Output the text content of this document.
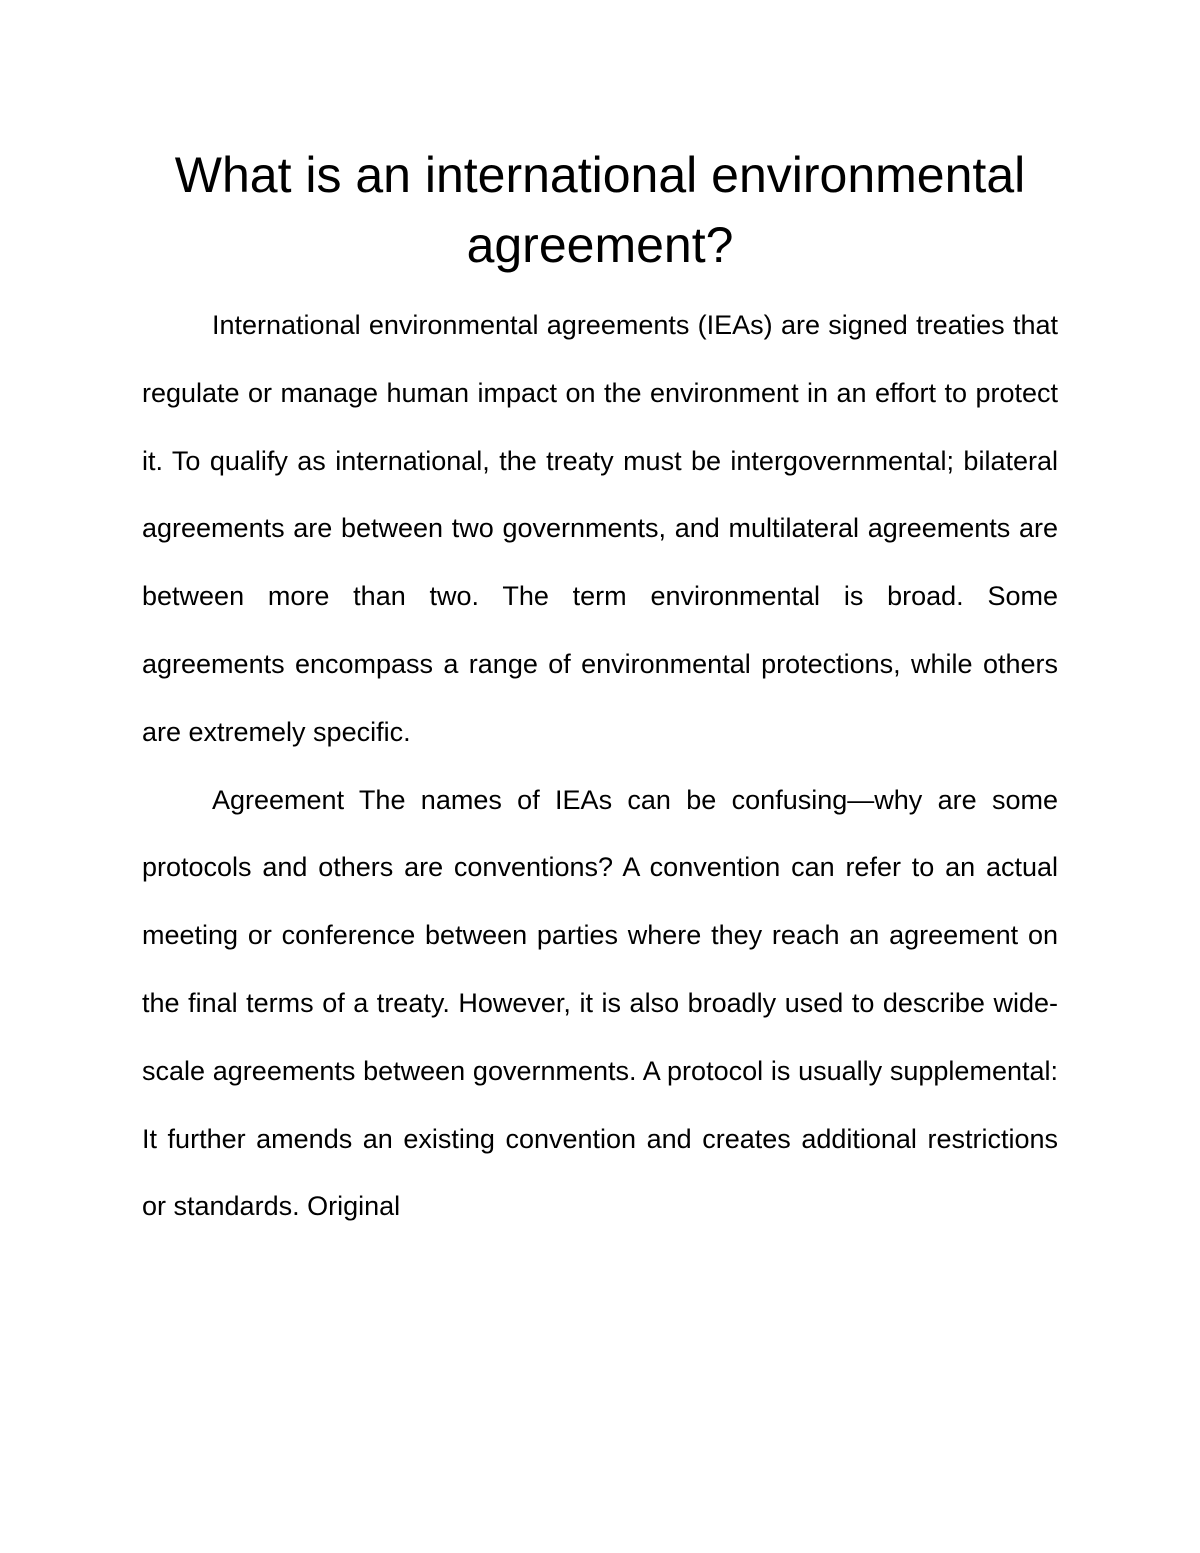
What is an international environmental agreement?

International environmental agreements (IEAs) are signed treaties that regulate or manage human impact on the environment in an effort to protect it. To qualify as international, the treaty must be intergovernmental; bilateral agreements are between two governments, and multilateral agreements are between more than two. The term environmental is broad. Some agreements encompass a range of environmental protections, while others are extremely specific.

Agreement The names of IEAs can be confusing—why are some protocols and others are conventions? A convention can refer to an actual meeting or conference between parties where they reach an agreement on the final terms of a treaty. However, it is also broadly used to describe wide-scale agreements between governments. A protocol is usually supplemental: It further amends an existing convention and creates additional restrictions or standards. Original
